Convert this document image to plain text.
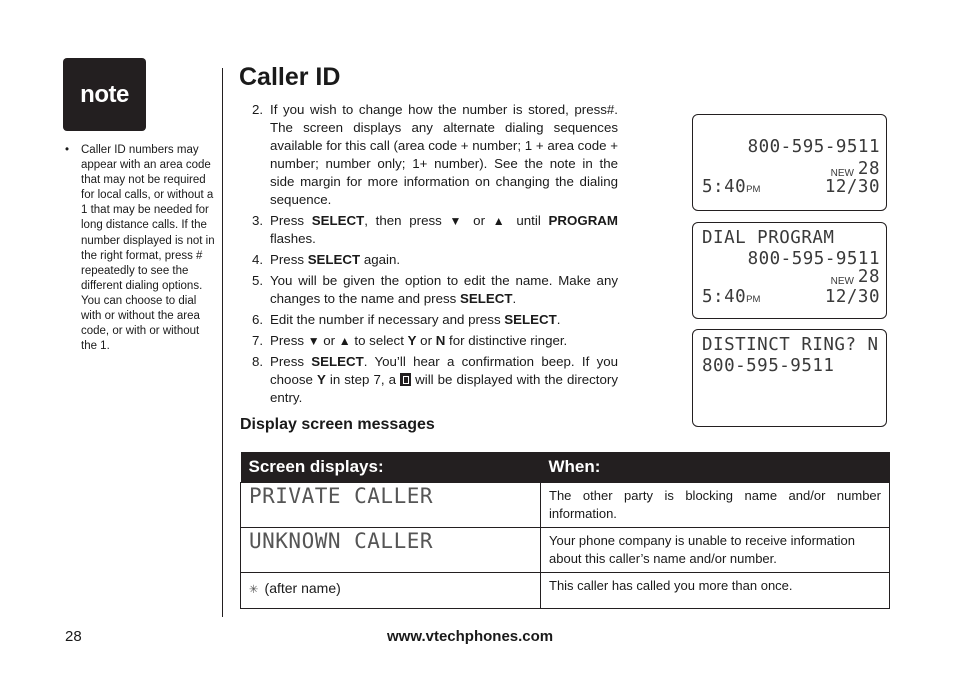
note
• Caller ID numbers may appear with an area code that may not be required for local calls, or without a 1 that may be needed for long distance calls. If the number displayed is not in the right format, press # repeatedly to see the different dialing options. You can choose to dial with or without the area code, or with or without the 1.
Caller ID
2. If you wish to change how the number is stored, press#. The screen displays any alternate dialing sequences available for this call (area code + number; 1 + area code + number; number only; 1+ number). See the note in the side margin for more information on changing the dialing sequence.
3. Press SELECT, then press ▼ or ▲ until PROGRAM flashes.
4. Press SELECT again.
5. You will be given the option to edit the name. Make any changes to the name and press SELECT.
6. Edit the number if necessary and press SELECT.
7. Press ▼ or ▲ to select Y or N for distinctive ringer.
8. Press SELECT. You’ll hear a confirmation beep. If you choose Y in step 7, a  will be displayed with the directory entry.
800-595-9511
NEW 28
5:40PM	12/30
DIAL PROGRAM
800-595-9511
NEW 28
5:40PM	12/30
DISTINCT RING? N
800-595-9511
Display screen messages
Screen displays:	When:
PRIVATE CALLER	The other party is blocking name and/or number information.
UNKNOWN CALLER	Your phone company is unable to receive information about this caller’s name and/or number.
✳ (after name)	This caller has called you more than once.

28	www.vtechphones.com
